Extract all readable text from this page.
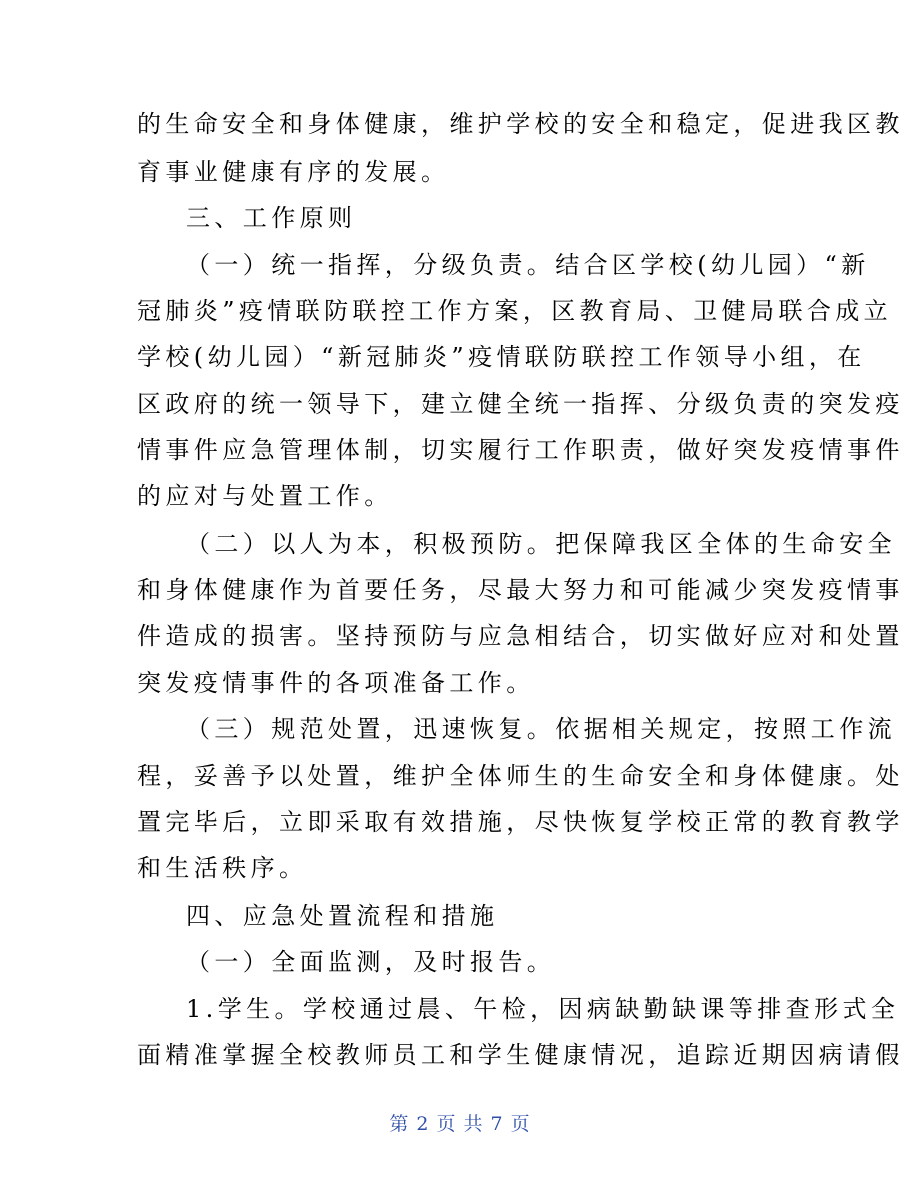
的生命安全和身体健康，维护学校的安全和稳定，促进我区教
育事业健康有序的发展。
三、工作原则
（一）统一指挥，分级负责。结合区学校(幼儿园）“新
冠肺炎”疫情联防联控工作方案，区教育局、卫健局联合成立
学校(幼儿园）“新冠肺炎”疫情联防联控工作领导小组，在
区政府的统一领导下，建立健全统一指挥、分级负责的突发疫
情事件应急管理体制，切实履行工作职责，做好突发疫情事件
的应对与处置工作。
（二）以人为本，积极预防。把保障我区全体的生命安全
和身体健康作为首要任务，尽最大努力和可能减少突发疫情事
件造成的损害。坚持预防与应急相结合，切实做好应对和处置
突发疫情事件的各项准备工作。
（三）规范处置，迅速恢复。依据相关规定，按照工作流
程，妥善予以处置，维护全体师生的生命安全和身体健康。处
置完毕后，立即采取有效措施，尽快恢复学校正常的教育教学
和生活秩序。
四、应急处置流程和措施
（一）全面监测，及时报告。
1.学生。学校通过晨、午检，因病缺勤缺课等排查形式全
面精准掌握全校教师员工和学生健康情况，追踪近期因病请假
第 2 页 共 7 页
